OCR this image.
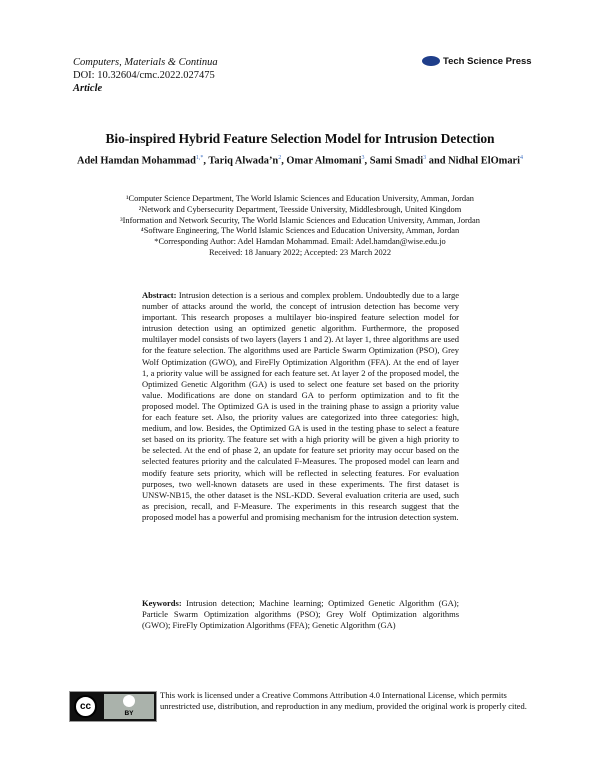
Computers, Materials & Continua
DOI: 10.32604/cmc.2022.027475
Article
Tech Science Press
Bio-inspired Hybrid Feature Selection Model for Intrusion Detection
Adel Hamdan Mohammad$^{1,*}$, Tariq $Alwada’n^2$, Omar Almomani$^3$, Sami Smadi$^3$ and Nidhal ElOmari$^4$
¹Computer Science Department, The World Islamic Sciences and Education University, Amman, Jordan
²Network and Cybersecurity Department, Teesside University, Middlesbrough, United Kingdom
³Information and Network Security, The World Islamic Sciences and Education University, Amman, Jordan
⁴Software Engineering, The World Islamic Sciences and Education University, Amman, Jordan
*Corresponding Author: Adel Hamdan Mohammad. Email: Adel.hamdan@wise.edu.jo
Received: 18 January 2022; Accepted: 23 March 2022
Abstract: Intrusion detection is a serious and complex problem. Undoubtedly due to a large number of attacks around the world, the concept of intrusion detection has become very important. This research proposes a multilayer bio-inspired feature selection model for intrusion detection using an optimized genetic algorithm. Furthermore, the proposed multilayer model consists of two layers (layers 1 and 2). At layer 1, three algorithms are used for the feature selection. The algorithms used are Particle Swarm Optimization (PSO), Grey Wolf Optimization (GWO), and FireFly Optimization Algorithm (FFA). At the end of layer 1, a priority value will be assigned for each feature set. At layer 2 of the proposed model, the Optimized Genetic Algorithm (GA) is used to select one feature set based on the priority value. Modifications are done on standard GA to perform optimization and to fit the proposed model. The Optimized GA is used in the training phase to assign a priority value for each feature set. Also, the priority values are categorized into three categories: high, medium, and low. Besides, the Optimized GA is used in the testing phase to select a feature set based on its priority. The feature set with a high priority will be given a high priority to be selected. At the end of phase 2, an update for feature set priority may occur based on the selected features priority and the calculated F-Measures. The proposed model can learn and modify feature sets priority, which will be reflected in selecting features. For evaluation purposes, two well-known datasets are used in these experiments. The first dataset is UNSW-NB15, the other dataset is the NSL-KDD. Several evaluation criteria are used, such as precision, recall, and F-Measure. The experiments in this research suggest that the proposed model has a powerful and promising mechanism for the intrusion detection system.
Keywords: Intrusion detection; Machine learning; Optimized Genetic Algorithm (GA); Particle Swarm Optimization algorithms (PSO); Grey Wolf Optimization algorithms (GWO); FireFly Optimization Algorithms (FFA); Genetic Algorithm (GA)
cc
BY
This work is licensed under a Creative Commons Attribution 4.0 International License, which permits unrestricted use, distribution, and reproduction in any medium, provided the original work is properly cited.
